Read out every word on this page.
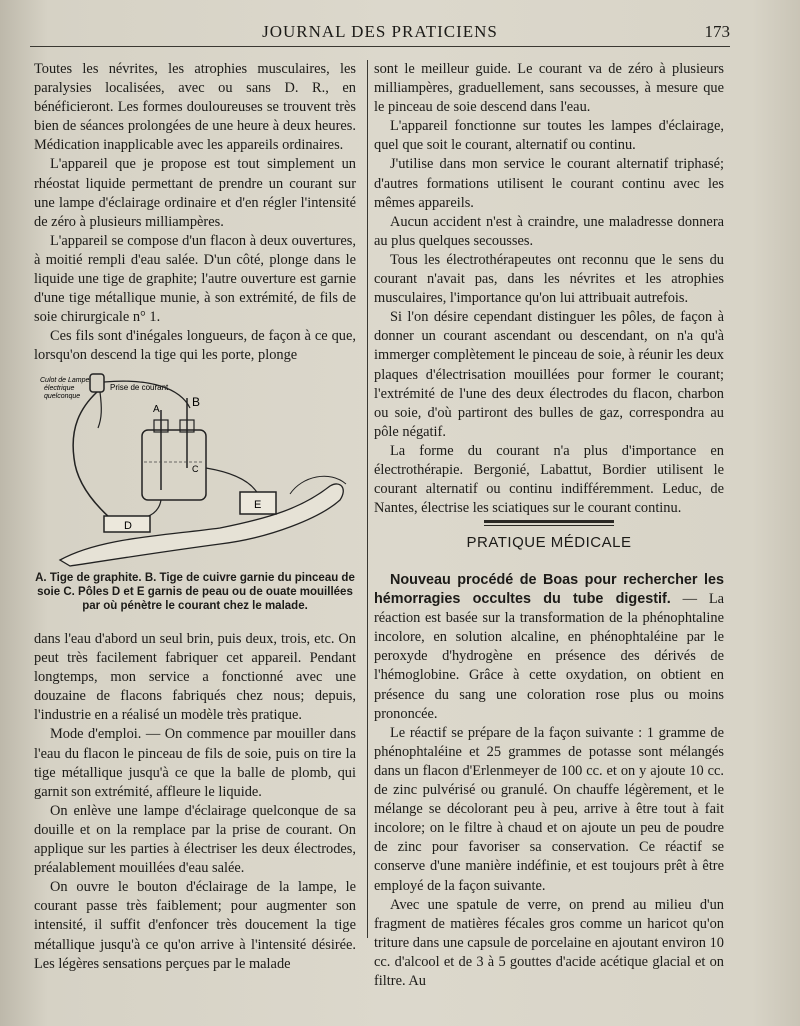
JOURNAL DES PRATICIENS	173

Toutes les névrites, les atrophies musculaires, les paralysies localisées, avec ou sans D. R., en bénéficieront. Les formes douloureuses se trouvent très bien de séances prolongées de une heure à deux heures. Médication inapplicable avec les appareils ordinaires.

L'appareil que je propose est tout simplement un rhéostat liquide permettant de prendre un courant sur une lampe d'éclairage ordinaire et d'en régler l'intensité de zéro à plusieurs milliampères.

L'appareil se compose d'un flacon à deux ouvertures, à moitié rempli d'eau salée. D'un côté, plonge dans le liquide une tige de graphite; l'autre ouverture est garnie d'une tige métallique munie, à son extrémité, de fils de soie chirurgicale n° 1.

Ces fils sont d'inégales longueurs, de façon à ce que, lorsqu'on descend la tige qui les porte, plonge

Culot de Lampe
électrique
quelconque
Prise de courant
A
B
C
D
E
A. Tige de graphite. B. Tige de cuivre garnie du pinceau de soie C. Pôles D et E garnis de peau ou de ouate mouillées par où pénètre le courant chez le malade.

dans l'eau d'abord un seul brin, puis deux, trois, etc. On peut très facilement fabriquer cet appareil. Pendant longtemps, mon service a fonctionné avec une douzaine de flacons fabriqués chez nous; depuis, l'industrie en a réalisé un modèle très pratique.

Mode d'emploi. — On commence par mouiller dans l'eau du flacon le pinceau de fils de soie, puis on tire la tige métallique jusqu'à ce que la balle de plomb, qui garnit son extrémité, affleure le liquide.

On enlève une lampe d'éclairage quelconque de sa douille et on la remplace par la prise de courant. On applique sur les parties à électriser les deux électrodes, préalablement mouillées d'eau salée.

On ouvre le bouton d'éclairage de la lampe, le courant passe très faiblement; pour augmenter son intensité, il suffit d'enfoncer très doucement la tige métallique jusqu'à ce qu'on arrive à l'intensité désirée. Les légères sensations perçues par le malade

sont le meilleur guide. Le courant va de zéro à plusieurs milliampères, graduellement, sans secousses, à mesure que le pinceau de soie descend dans l'eau.

L'appareil fonctionne sur toutes les lampes d'éclairage, quel que soit le courant, alternatif ou continu.

J'utilise dans mon service le courant alternatif triphasé; d'autres formations utilisent le courant continu avec les mêmes appareils.

Aucun accident n'est à craindre, une maladresse donnera au plus quelques secousses.

Tous les électrothérapeutes ont reconnu que le sens du courant n'avait pas, dans les névrites et les atrophies musculaires, l'importance qu'on lui attribuait autrefois.

Si l'on désire cependant distinguer les pôles, de façon à donner un courant ascendant ou descendant, on n'a qu'à immerger complètement le pinceau de soie, à réunir les deux plaques d'électrisation mouillées pour former le courant; l'extrémité de l'une des deux électrodes du flacon, charbon ou soie, d'où partiront des bulles de gaz, correspondra au pôle négatif.

La forme du courant n'a plus d'importance en électrothérapie. Bergonié, Labattut, Bordier utilisent le courant alternatif ou continu indifféremment. Leduc, de Nantes, électrise les sciatiques sur le courant continu.

PRATIQUE MÉDICALE

Nouveau procédé de Boas pour rechercher les hémorragies occultes du tube digestif. — La réaction est basée sur la transformation de la phénophtaline incolore, en solution alcaline, en phénophtaléine par le peroxyde d'hydrogène en présence des dérivés de l'hémoglobine. Grâce à cette oxydation, on obtient en présence du sang une coloration rose plus ou moins prononcée.

Le réactif se prépare de la façon suivante : 1 gramme de phénophtaléine et 25 grammes de potasse sont mélangés dans un flacon d'Erlenmeyer de 100 cc. et on y ajoute 10 cc. de zinc pulvérisé ou granulé. On chauffe légèrement, et le mélange se décolorant peu à peu, arrive à être tout à fait incolore; on le filtre à chaud et on ajoute un peu de poudre de zinc pour favoriser sa conservation. Ce réactif se conserve d'une manière indéfinie, et est toujours prêt à être employé de la façon suivante.

Avec une spatule de verre, on prend au milieu d'un fragment de matières fécales gros comme un haricot qu'on triture dans une capsule de porcelaine en ajoutant environ 10 cc. d'alcool et de 3 à 5 gouttes d'acide acétique glacial et on filtre. Au
